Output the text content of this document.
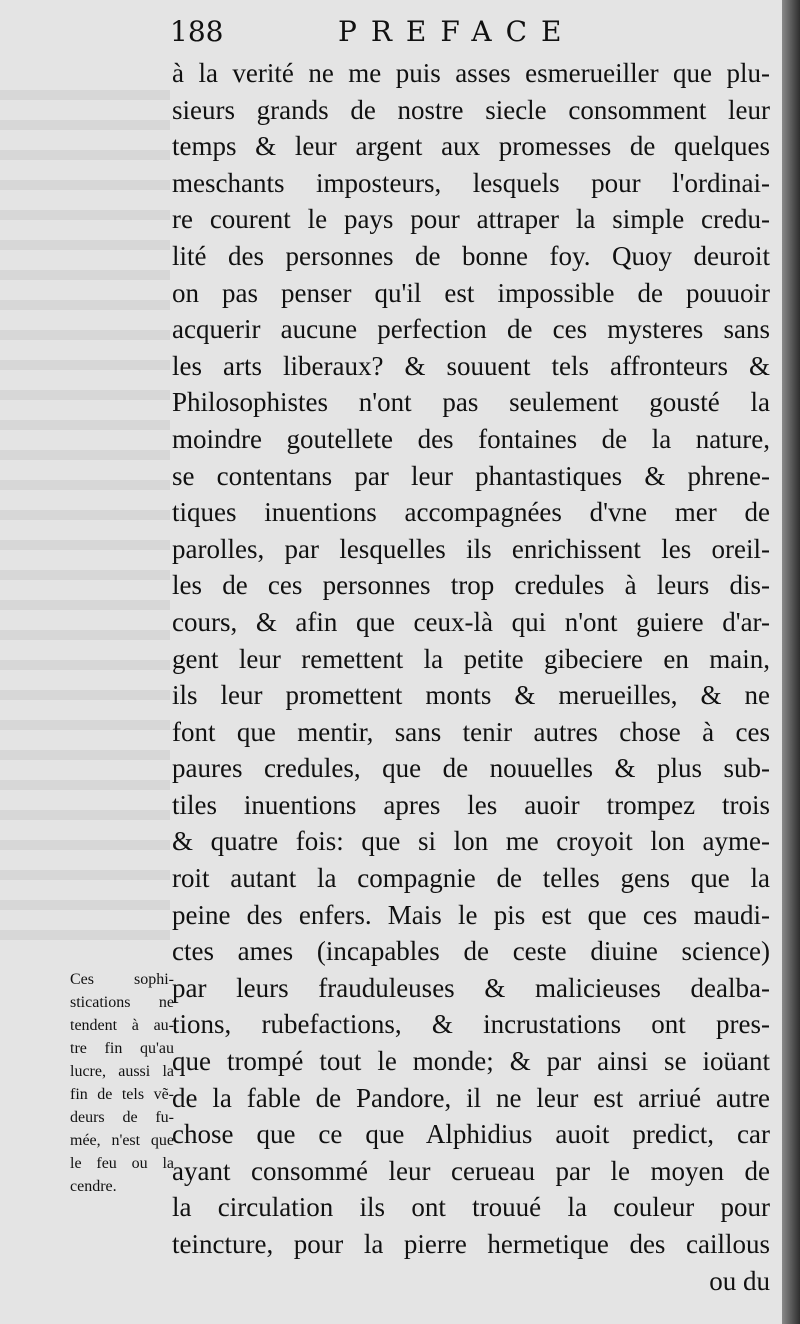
188	PREFACE
à la verité ne me puis asses esmerueiller que plu-
sieurs grands de nostre siecle consomment leur
temps & leur argent aux promesses de quelques
meschants imposteurs, lesquels pour l'ordinai-
re courent le pays pour attraper la simple credu-
lité des personnes de bonne foy. Quoy deuroit
on pas penser qu'il est impossible de pouuoir
acquerir aucune perfection de ces mysteres sans
les arts liberaux? & souuent tels affronteurs &
Philosophistes n'ont pas seulement gousté la
moindre goutellete des fontaines de la nature,
se contentans par leur phantastiques & phrene-
tiques inuentions accompagnées d'vne mer de
parolles, par lesquelles ils enrichissent les oreil-
les de ces personnes trop credules à leurs dis-
cours, & afin que ceux-là qui n'ont guiere d'ar-
gent leur remettent la petite gibeciere en main,
ils leur promettent monts & merueilles, & ne
font que mentir, sans tenir autres chose à ces
paures credules, que de nouuelles & plus sub-
tiles inuentions apres les auoir trompez trois
& quatre fois: que si lon me croyoit lon ayme-
roit autant la compagnie de telles gens que la
peine des enfers. Mais le pis est que ces maudi-
ctes ames (incapables de ceste diuine science)
par leurs frauduleuses & malicieuses dealba-
tions, rubefactions, & incrustations ont pres-
que trompé tout le monde; & par ainsi se ioüant
de la fable de Pandore, il ne leur est arriué autre
chose que ce que Alphidius auoit predict, car
ayant consommé leur cerueau par le moyen de
la circulation ils ont trouué la couleur pour
teincture, pour la pierre hermetique des caillous
ou du
Ces sophi-
stications ne
tendent à au-
tre fin qu'au
lucre, aussi la
fin de tels vẽ-
deurs de fu-
mée, n'est que
le feu ou la
cendre.
